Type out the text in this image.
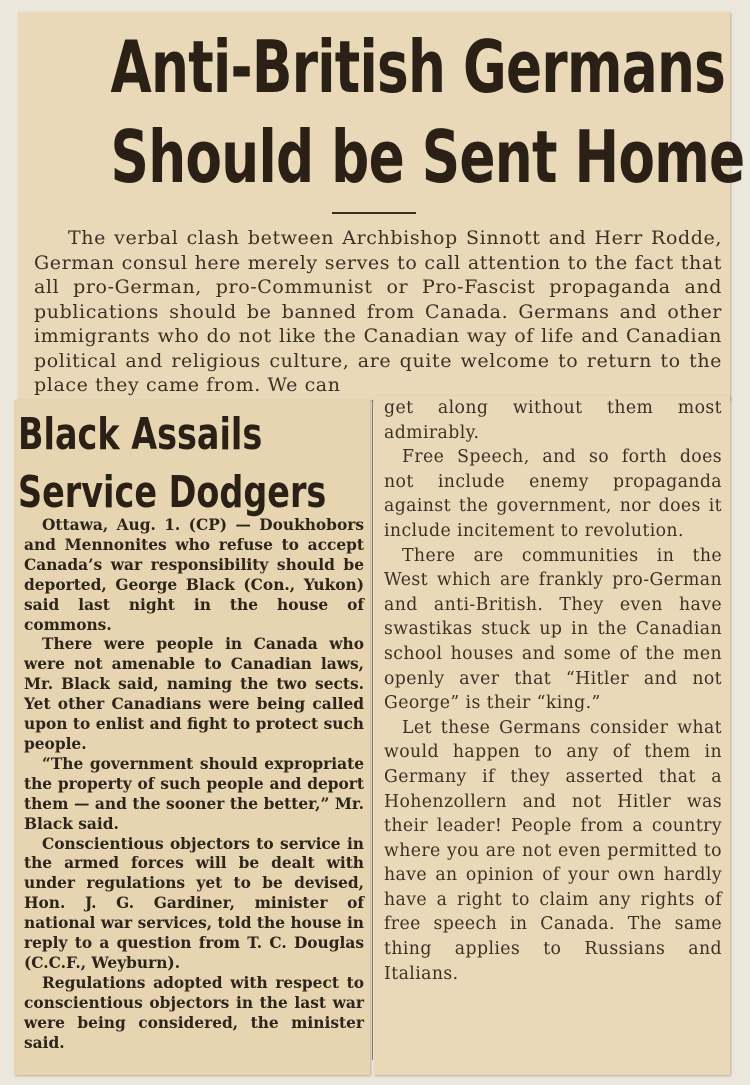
Anti-British Germans
Should be Sent Home

The verbal clash between Archbishop Sinnott and Herr Rodde, German consul here merely serves to call attention to the fact that all pro-German, pro-Communist or Pro-Fascist propaganda and publications should be banned from Canada. Germans and other immigrants who do not like the Canadian way of life and Canadian political and religious culture, are quite welcome to return to the place they came from. We can

Black Assails
Service Dodgers

Ottawa, Aug. 1. (CP) — Doukhobors and Mennonites who refuse to accept Canada’s war responsibility should be deported, George Black (Con., Yukon) said last night in the house of commons.

There were people in Canada who were not amenable to Canadian laws, Mr. Black said, naming the two sects. Yet other Canadians were being called upon to enlist and fight to protect such people.

“The government should expropriate the property of such people and deport them — and the sooner the better,” Mr. Black said.

Conscientious objectors to service in the armed forces will be dealt with under regulations yet to be devised, Hon. J. G. Gardiner, minister of national war services, told the house in reply to a question from T. C. Douglas (C.C.F., Weyburn).

Regulations adopted with respect to conscientious objectors in the last war were being considered, the minister said.

get along without them most admirably.

Free Speech, and so forth does not include enemy propaganda against the government, nor does it include incitement to revolution.

There are communities in the West which are frankly pro-German and anti-British. They even have swastikas stuck up in the Canadian school houses and some of the men openly aver that “Hitler and not George” is their “king.”

Let these Germans consider what would happen to any of them in Germany if they asserted that a Hohenzollern and not Hitler was their leader! People from a country where you are not even permitted to have an opinion of your own hardly have a right to claim any rights of free speech in Canada. The same thing applies to Russians and Italians.
